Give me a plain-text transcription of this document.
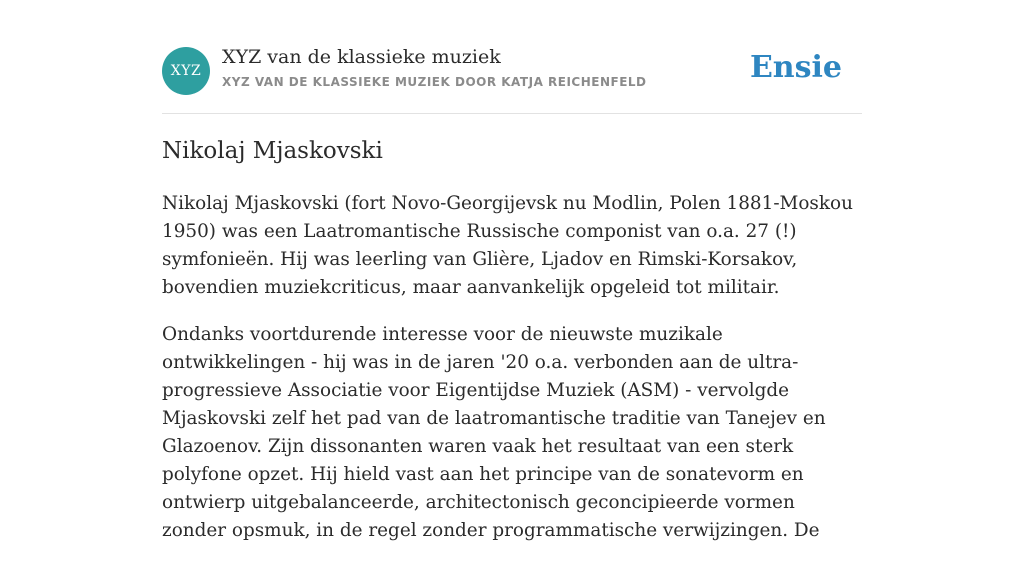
XYZ
XYZ van de klassieke muziek
XYZ VAN DE KLASSIEKE MUZIEK DOOR KATJA REICHENFELD	Ensie
Nikolaj Mjaskovski

Nikolaj Mjaskovski (fort Novo-Georgijevsk nu Modlin, Polen 1881-Moskou 1950) was een Laatromantische Russische componist van o.a. 27 (!) symfonieën. Hij was leerling van Glière, Ljadov en Rimski-Korsakov, bovendien muziekcriticus, maar aanvankelijk opgeleid tot militair.

Ondanks voortdurende interesse voor de nieuwste muzikale ontwikkelingen - hij was in de jaren '20 o.a. verbonden aan de ultra-progressieve Associatie voor Eigentijdse Muziek (ASM) - vervolgde Mjaskovski zelf het pad van de laatromantische traditie van Tanejev en Glazoenov. Zijn dissonanten waren vaak het resultaat van een sterk polyfone opzet. Hij hield vast aan het principe van de sonatevorm en ontwierp uitgebalanceerde, architectonisch geconcipieerde vormen zonder opsmuk, in de regel zonder programmatische verwijzingen. De
